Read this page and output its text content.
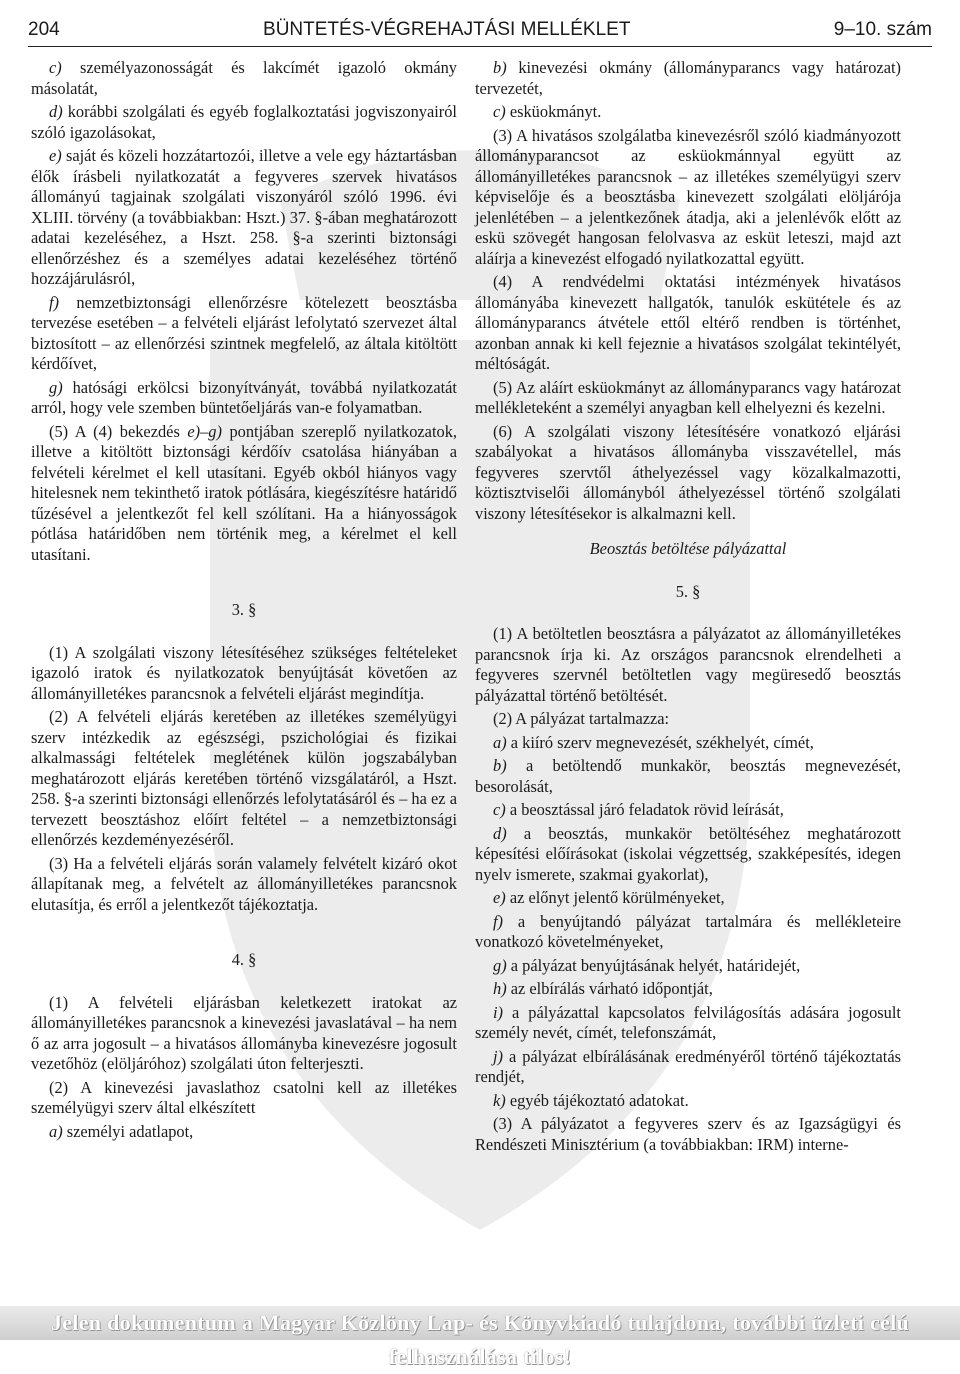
204	BÜNTETÉS-VÉGREHAJTÁSI MELLÉKLET	9–10. szám

c) személyazonosságát és lakcímét igazoló okmány másolatát,

d) korábbi szolgálati és egyéb foglalkoztatási jogviszonyairól szóló igazolásokat,

e) saját és közeli hozzátartozói, illetve a vele egy háztartásban élők írásbeli nyilatkozatát a fegyveres szervek hivatásos állományú tagjainak szolgálati viszonyáról szóló 1996. évi XLIII. törvény (a továbbiakban: Hszt.) 37. §-ában meghatározott adatai kezeléséhez, a Hszt. 258. §-a szerinti biztonsági ellenőrzéshez és a személyes adatai kezeléséhez történő hozzájárulásról,

f) nemzetbiztonsági ellenőrzésre kötelezett beosztásba tervezése esetében – a felvételi eljárást lefolytató szervezet által biztosított – az ellenőrzési szintnek megfelelő, az általa kitöltött kérdőívet,

g) hatósági erkölcsi bizonyítványát, továbbá nyilatkozatát arról, hogy vele szemben büntetőeljárás van-e folyamatban.

(5) A (4) bekezdés e)–g) pontjában szereplő nyilatkozatok, illetve a kitöltött biztonsági kérdőív csatolása hiányában a felvételi kérelmet el kell utasítani. Egyéb okból hiányos vagy hitelesnek nem tekinthető iratok pótlására, kiegészítésre határidő tűzésével a jelentkezőt fel kell szólítani. Ha a hiányosságok pótlása határidőben nem történik meg, a kérelmet el kell utasítani.

3. §

(1) A szolgálati viszony létesítéséhez szükséges feltételeket igazoló iratok és nyilatkozatok benyújtását követően az állományilletékes parancsnok a felvételi eljárást megindítja.

(2) A felvételi eljárás keretében az illetékes személyügyi szerv intézkedik az egészségi, pszichológiai és fizikai alkalmassági feltételek meglétének külön jogszabályban meghatározott eljárás keretében történő vizsgálatáról, a Hszt. 258. §-a szerinti biztonsági ellenőrzés lefolytatásáról és – ha ez a tervezett beosztáshoz előírt feltétel – a nemzetbiztonsági ellenőrzés kezdeményezéséről.

(3) Ha a felvételi eljárás során valamely felvételt kizáró okot állapítanak meg, a felvételt az állományilletékes parancsnok elutasítja, és erről a jelentkezőt tájékoztatja.

4. §

(1) A felvételi eljárásban keletkezett iratokat az állományilletékes parancsnok a kinevezési javaslatával – ha nem ő az arra jogosult – a hivatásos állományba kinevezésre jogosult vezetőhöz (elöljáróhoz) szolgálati úton felterjeszti.

(2) A kinevezési javaslathoz csatolni kell az illetékes személyügyi szerv által elkészített

a) személyi adatlapot,

b) kinevezési okmány (állományparancs vagy határozat) tervezetét,

c) esküokmányt.

(3) A hivatásos szolgálatba kinevezésről szóló kiadmányozott állományparancsot az esküokmánnyal együtt az állományilletékes parancsnok – az illetékes személyügyi szerv képviselője és a beosztásba kinevezett szolgálati elöljárója jelenlétében – a jelentkezőnek átadja, aki a jelenlévők előtt az eskü szövegét hangosan felolvasva az esküt leteszi, majd azt aláírja a kinevezést elfogadó nyilatkozattal együtt.

(4) A rendvédelmi oktatási intézmények hivatásos állományába kinevezett hallgatók, tanulók eskütétele és az állományparancs átvétele ettől eltérő rendben is történhet, azonban annak ki kell fejeznie a hivatásos szolgálat tekintélyét, méltóságát.

(5) Az aláírt esküokmányt az állományparancs vagy határozat mellékleteként a személyi anyagban kell elhelyezni és kezelni.

(6) A szolgálati viszony létesítésére vonatkozó eljárási szabályokat a hivatásos állományba visszavétellel, más fegyveres szervtől áthelyezéssel vagy közalkalmazotti, köztisztviselői állományból áthelyezéssel történő szolgálati viszony létesítésekor is alkalmazni kell.

Beosztás betöltése pályázattal

5. §

(1) A betöltetlen beosztásra a pályázatot az állományilletékes parancsnok írja ki. Az országos parancsnok elrendelheti a fegyveres szervnél betöltetlen vagy megüresedő beosztás pályázattal történő betöltését.

(2) A pályázat tartalmazza:

a) a kiíró szerv megnevezését, székhelyét, címét,

b) a betöltendő munkakör, beosztás megnevezését, besorolását,

c) a beosztással járó feladatok rövid leírását,

d) a beosztás, munkakör betöltéséhez meghatározott képesítési előírásokat (iskolai végzettség, szakképesítés, idegen nyelv ismerete, szakmai gyakorlat),

e) az előnyt jelentő körülményeket,

f) a benyújtandó pályázat tartalmára és mellékleteire vonatkozó követelményeket,

g) a pályázat benyújtásának helyét, határidejét,

h) az elbírálás várható időpontját,

i) a pályázattal kapcsolatos felvilágosítás adására jogosult személy nevét, címét, telefonszámát,

j) a pályázat elbírálásának eredményéről történő tájékoztatás rendjét,

k) egyéb tájékoztató adatokat.

(3) A pályázatot a fegyveres szerv és az Igazságügyi és Rendészeti Minisztérium (a továbbiakban: IRM) interne-

Jelen dokumentum a Magyar Közlöny Lap- és Könyvkiadó tulajdona, további üzleti célú felhasználása tilos!
